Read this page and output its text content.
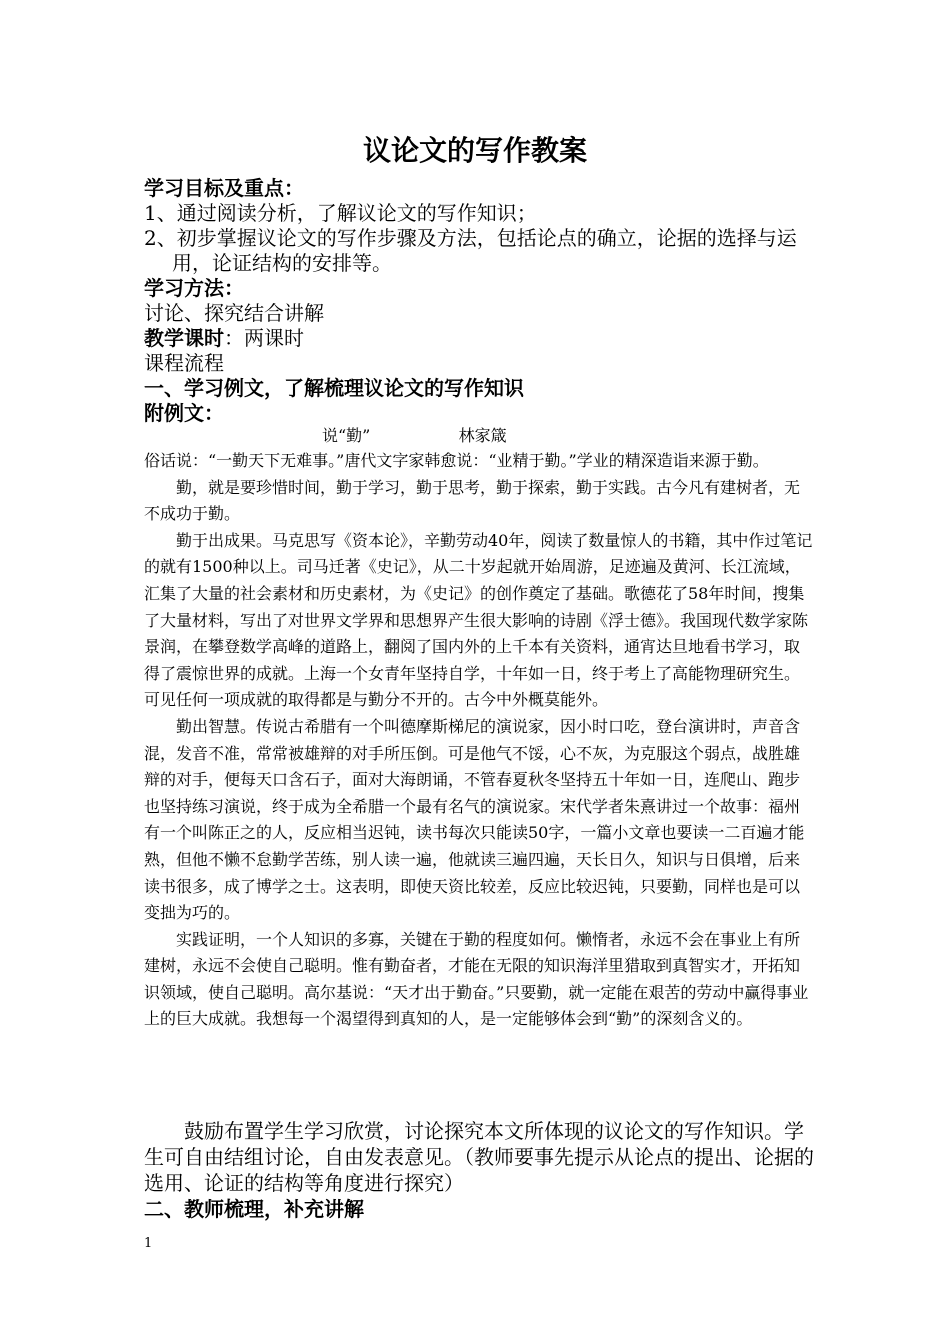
议论文的写作教案
学习目标及重点：
1、通过阅读分析，了解议论文的写作知识；
2、初步掌握议论文的写作步骤及方法，包括论点的确立，论据的选择与运用，论证结构的安排等。
学习方法：
讨论、探究结合讲解
教学课时：两课时
课程流程
一、学习例文，了解梳理议论文的写作知识
附例文：
说“勤”	林家箴

俗话说：“一勤天下无难事。”唐代文字家韩愈说：“业精于勤。”学业的精深造诣来源于勤。

勤，就是要珍惜时间，勤于学习，勤于思考，勤于探索，勤于实践。古今凡有建树者，无不成功于勤。

勤于出成果。马克思写《资本论》，辛勤劳动40年，阅读了数量惊人的书籍，其中作过笔记的就有1500种以上。司马迁著《史记》，从二十岁起就开始周游，足迹遍及黄河、长江流域，汇集了大量的社会素材和历史素材，为《史记》的创作奠定了基础。歌德花了58年时间，搜集了大量材料，写出了对世界文学界和思想界产生很大影响的诗剧《浮士德》。我国现代数学家陈景润，在攀登数学高峰的道路上，翻阅了国内外的上千本有关资料，通宵达旦地看书学习，取得了震惊世界的成就。上海一个女青年坚持自学，十年如一日，终于考上了高能物理研究生。可见任何一项成就的取得都是与勤分不开的。古今中外概莫能外。

勤出智慧。传说古希腊有一个叫德摩斯梯尼的演说家，因小时口吃，登台演讲时，声音含混，发音不准，常常被雄辩的对手所压倒。可是他气不馁，心不灰，为克服这个弱点，战胜雄辩的对手，便每天口含石子，面对大海朗诵，不管春夏秋冬坚持五十年如一日，连爬山、跑步也坚持练习演说，终于成为全希腊一个最有名气的演说家。宋代学者朱熹讲过一个故事：福州有一个叫陈正之的人，反应相当迟钝，读书每次只能读50字，一篇小文章也要读一二百遍才能熟，但他不懒不怠勤学苦练，别人读一遍，他就读三遍四遍，天长日久，知识与日俱增，后来读书很多，成了博学之士。这表明，即使天资比较差，反应比较迟钝，只要勤，同样也是可以变拙为巧的。

实践证明，一个人知识的多寡，关键在于勤的程度如何。懒惰者，永远不会在事业上有所建树，永远不会使自己聪明。惟有勤奋者，才能在无限的知识海洋里猎取到真智实才，开拓知识领域，使自己聪明。高尔基说：“天才出于勤奋。”只要勤，就一定能在艰苦的劳动中赢得事业上的巨大成就。我想每一个渴望得到真知的人，是一定能够体会到“勤”的深刻含义的。

鼓励布置学生学习欣赏，讨论探究本文所体现的议论文的写作知识。学生可自由结组讨论，自由发表意见。（教师要事先提示从论点的提出、论据的选用、论证的结构等角度进行探究）

二、教师梳理，补充讲解

1
